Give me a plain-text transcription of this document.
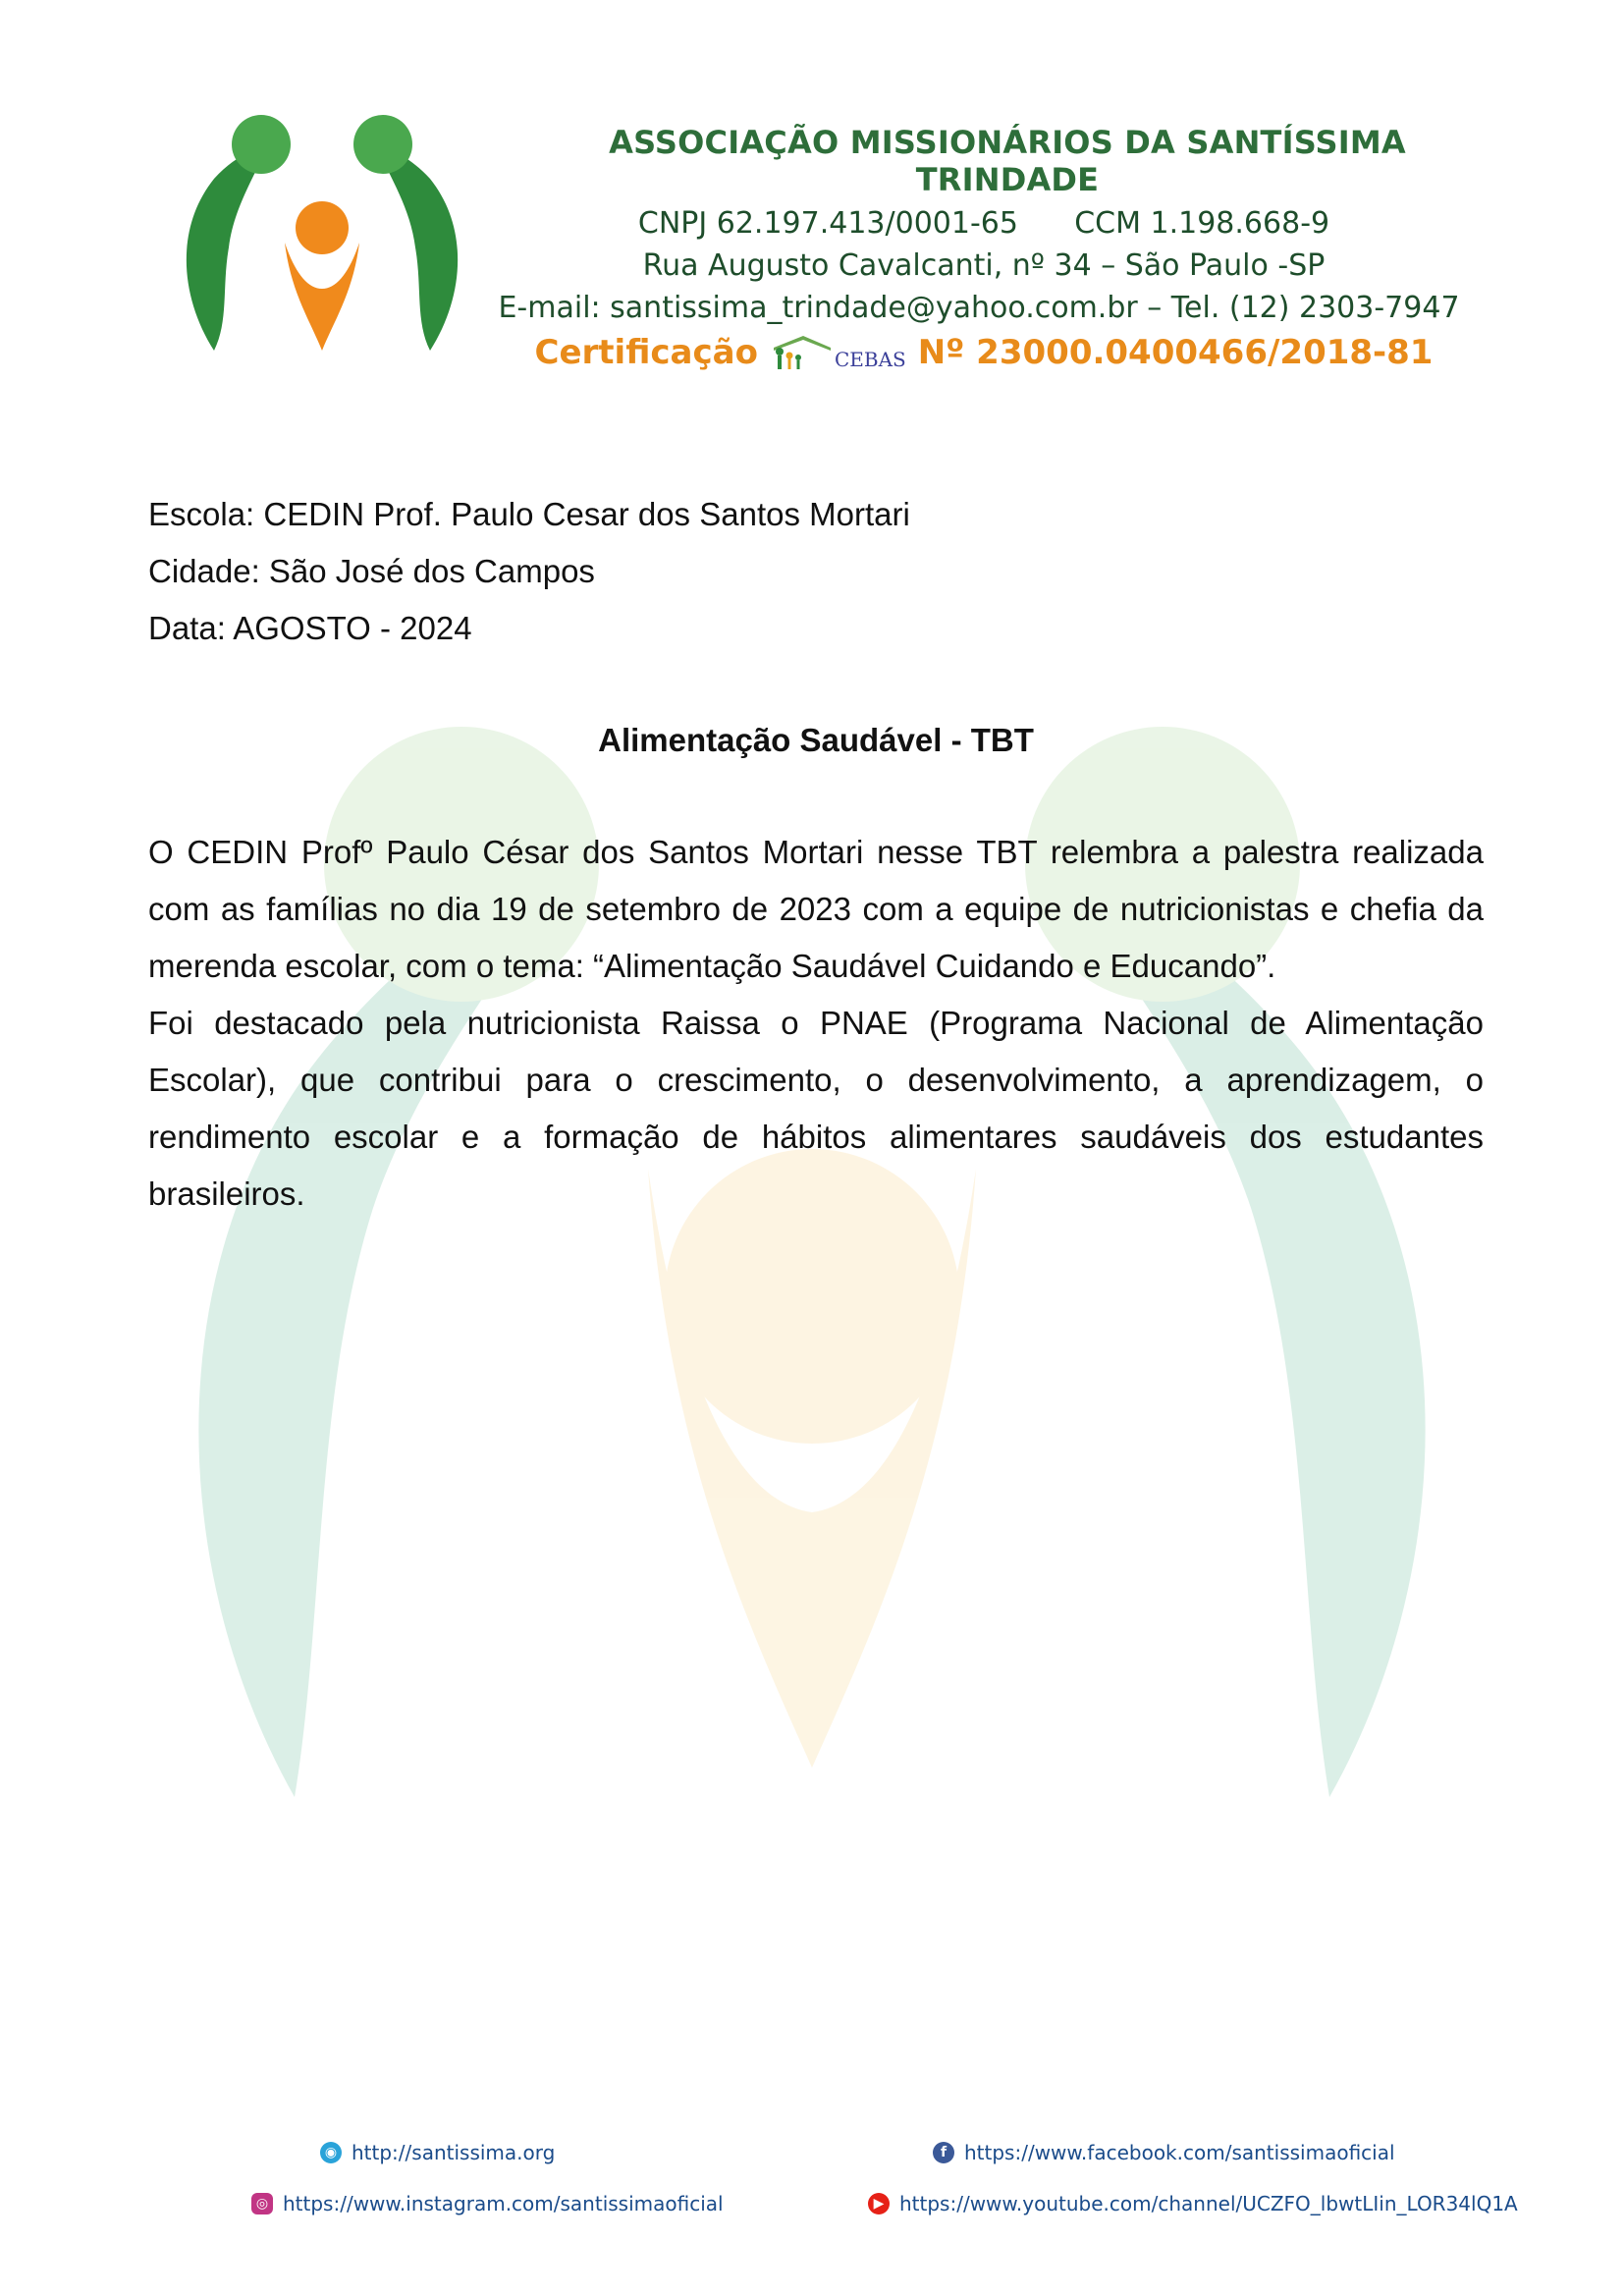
ASSOCIAÇÃO MISSIONÁRIOS DA SANTÍSSIMA TRINDADE
CNPJ 62.197.413/0001-65      CCM 1.198.668-9
Rua Augusto Cavalcanti, nº 34 – São Paulo -SP
E-mail: santissima_trindade@yahoo.com.br – Tel. (12) 2303-7947
Certificação	CEBAS Nº 23000.0400466/2018-81

Escola: CEDIN Prof. Paulo Cesar dos Santos Mortari

Cidade: São José dos Campos

Data: AGOSTO - 2024

Alimentação Saudável - TBT

O CEDIN Profº Paulo César dos Santos Mortari nesse TBT relembra a palestra realizada com as famílias no dia 19 de setembro de 2023 com a equipe de nutricionistas e chefia da merenda escolar, com o tema: “Alimentação Saudável Cuidando e Educando”.

Foi destacado pela nutricionista Raissa o PNAE (Programa Nacional de Alimentação Escolar), que contribui para o crescimento, o desenvolvimento, a aprendizagem, o rendimento escolar e a formação de hábitos alimentares saudáveis dos estudantes brasileiros.

◉ http://santissima.org	f https://www.facebook.com/santissimaoficial
◎ https://www.instagram.com/santissimaoficial	▶ https://www.youtube.com/channel/UCZFO_lbwtLIin_LOR34lQ1A
